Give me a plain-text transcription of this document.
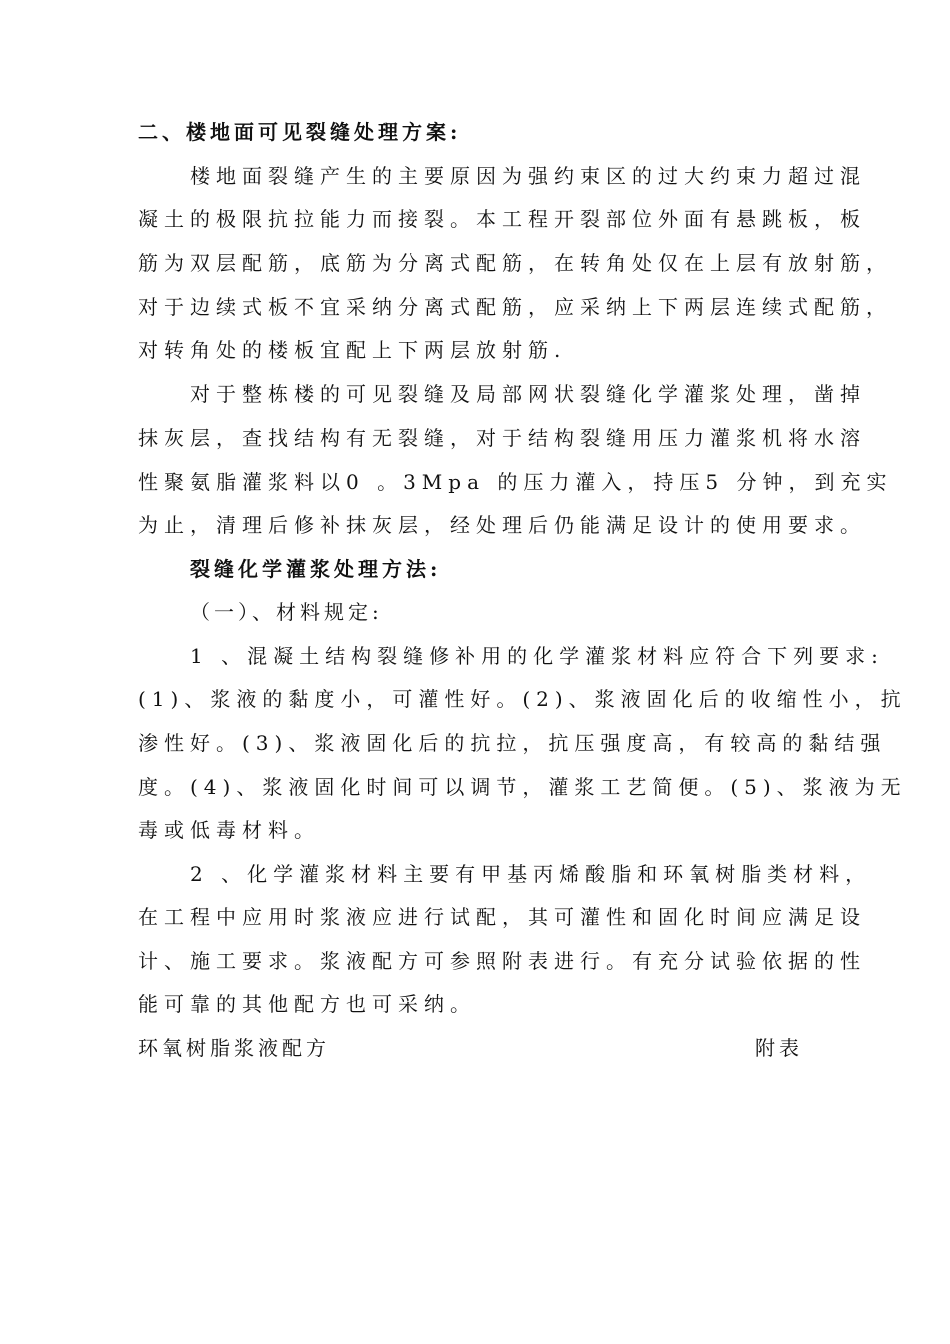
二、楼地面可见裂缝处理方案:
楼地面裂缝产生的主要原因为强约束区的过大约束力超过混
凝土的极限抗拉能力而接裂。本工程开裂部位外面有悬跳板，板
筋为双层配筋，底筋为分离式配筋，在转角处仅在上层有放射筋，
对于边续式板不宜采纳分离式配筋，应采纳上下两层连续式配筋，
对转角处的楼板宜配上下两层放射筋.
对于整栋楼的可见裂缝及局部网状裂缝化学灌浆处理，凿掉
抹灰层，查找结构有无裂缝，对于结构裂缝用压力灌浆机将水溶
性聚氨脂灌浆料以0 。3Mpa 的压力灌入，持压5 分钟，到充实
为止，清理后修补抹灰层，经处理后仍能满足设计的使用要求。
裂缝化学灌浆处理方法:
（一）、材料规定:
1 、混凝土结构裂缝修补用的化学灌浆材料应符合下列要求:
(1)、浆液的黏度小，可灌性好。(2)、浆液固化后的收缩性小，抗
渗性好。(3)、浆液固化后的抗拉，抗压强度高，有较高的黏结强
度。(4)、浆液固化时间可以调节，灌浆工艺简便。(5)、浆液为无
毒或低毒材料。
2 、化学灌浆材料主要有甲基丙烯酸脂和环氧树脂类材料，
在工程中应用时浆液应进行试配，其可灌性和固化时间应满足设
计、施工要求。浆液配方可参照附表进行。有充分试验依据的性
能可靠的其他配方也可采纳。
环氧树脂浆液配方	附表
